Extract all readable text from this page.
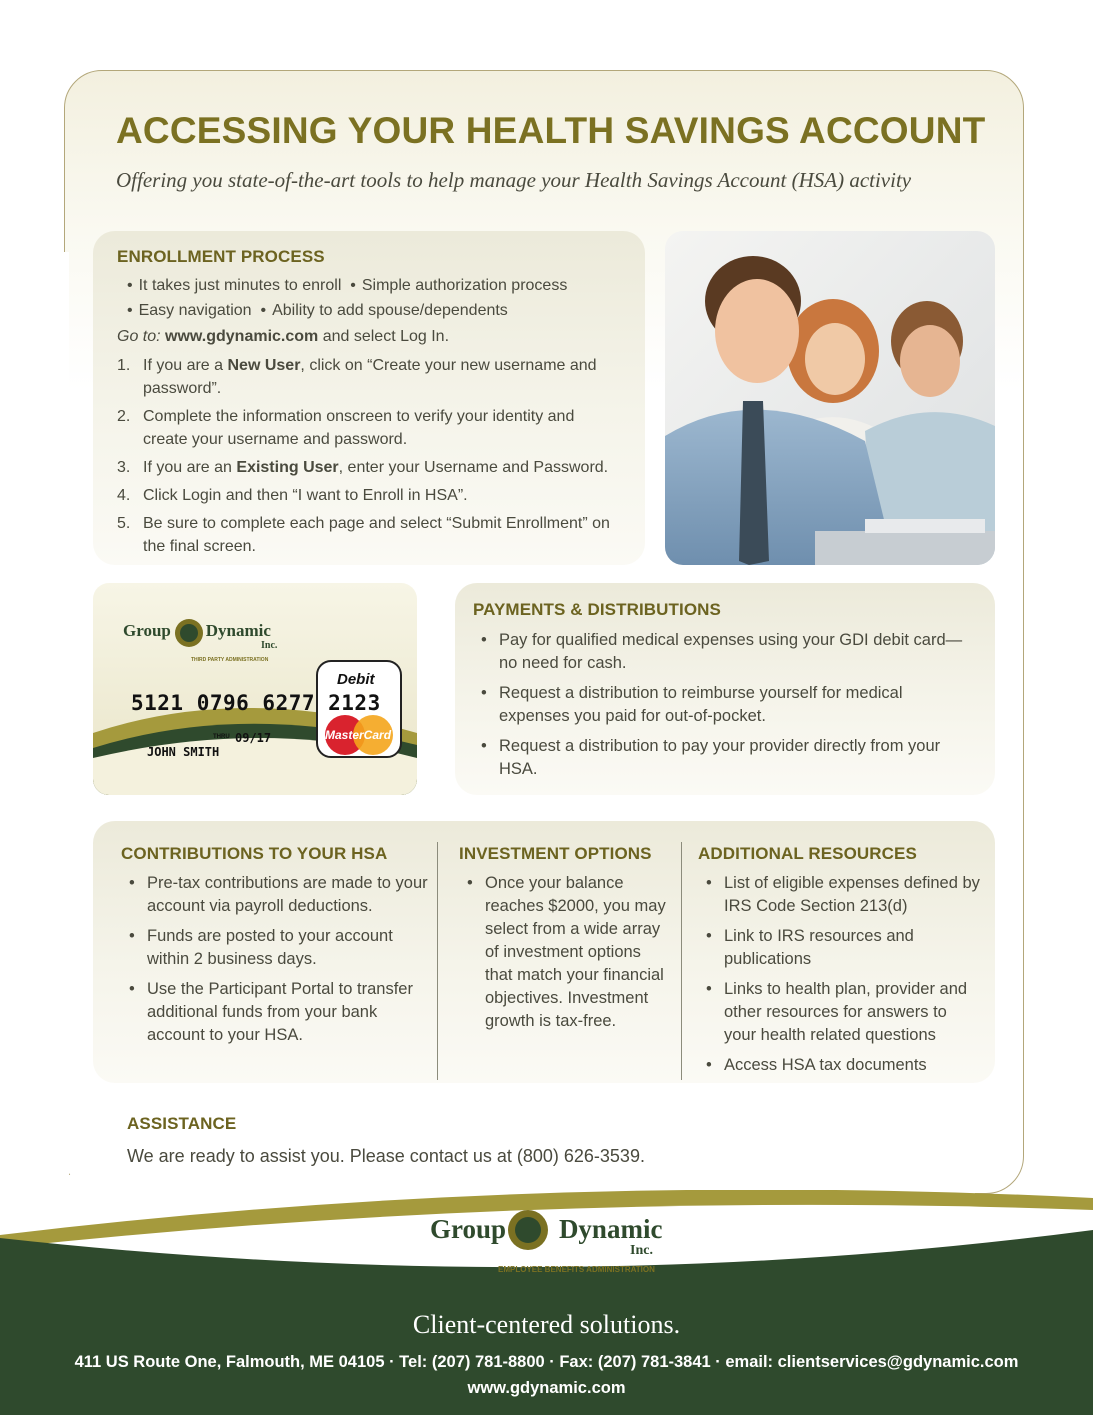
ACCESSING YOUR HEALTH SAVINGS ACCOUNT

Offering you state-of-the-art tools to help manage your Health Savings Account (HSA) activity

ENROLLMENT PROCESS
• It takes just minutes to enroll • Simple authorization process
• Easy navigation • Ability to add spouse/dependents
Go to: www.gdynamic.com and select Log In.
1. If you are a New User, click on “Create your new username and password”.
2. Complete the information onscreen to verify your identity and create your username and password.
3. If you are an Existing User, enter your Username and Password.
4. Click Login and then “I want to Enroll in HSA”.
5. Be sure to complete each page and select “Submit Enrollment” on the final screen.
Group Dynamic
Inc.
THIRD PARTY ADMINISTRATION
Debit
5121 0796 6277 2123
THRU 09/17
JOHN SMITH
MasterCard
PAYMENTS & DISTRIBUTIONS
• Pay for qualified medical expenses using your GDI debit card—no need for cash.
• Request a distribution to reimburse yourself for medical expenses you paid for out-of-pocket.
• Request a distribution to pay your provider directly from your HSA.
CONTRIBUTIONS TO YOUR HSA
• Pre-tax contributions are made to your account via payroll deductions.
• Funds are posted to your account within 2 business days.
• Use the Participant Portal to transfer additional funds from your bank account to your HSA.
INVESTMENT OPTIONS
• Once your balance reaches $2000, you may select from a wide array of investment options that match your financial objectives. Investment growth is tax-free.
ADDITIONAL RESOURCES
• List of eligible expenses defined by IRS Code Section 213(d)
• Link to IRS resources and publications
• Links to health plan, provider and other resources for answers to your health related questions
• Access HSA tax documents
ASSISTANCE
We are ready to assist you. Please contact us at (800) 626-3539.
Group Dynamic
Inc.
EMPLOYEE BENEFITS ADMINISTRATION
Client-centered solutions.
411 US Route One, Falmouth, ME 04105 · Tel: (207) 781-8800 · Fax: (207) 781-3841 · email: clientservices@gdynamic.com
www.gdynamic.com
